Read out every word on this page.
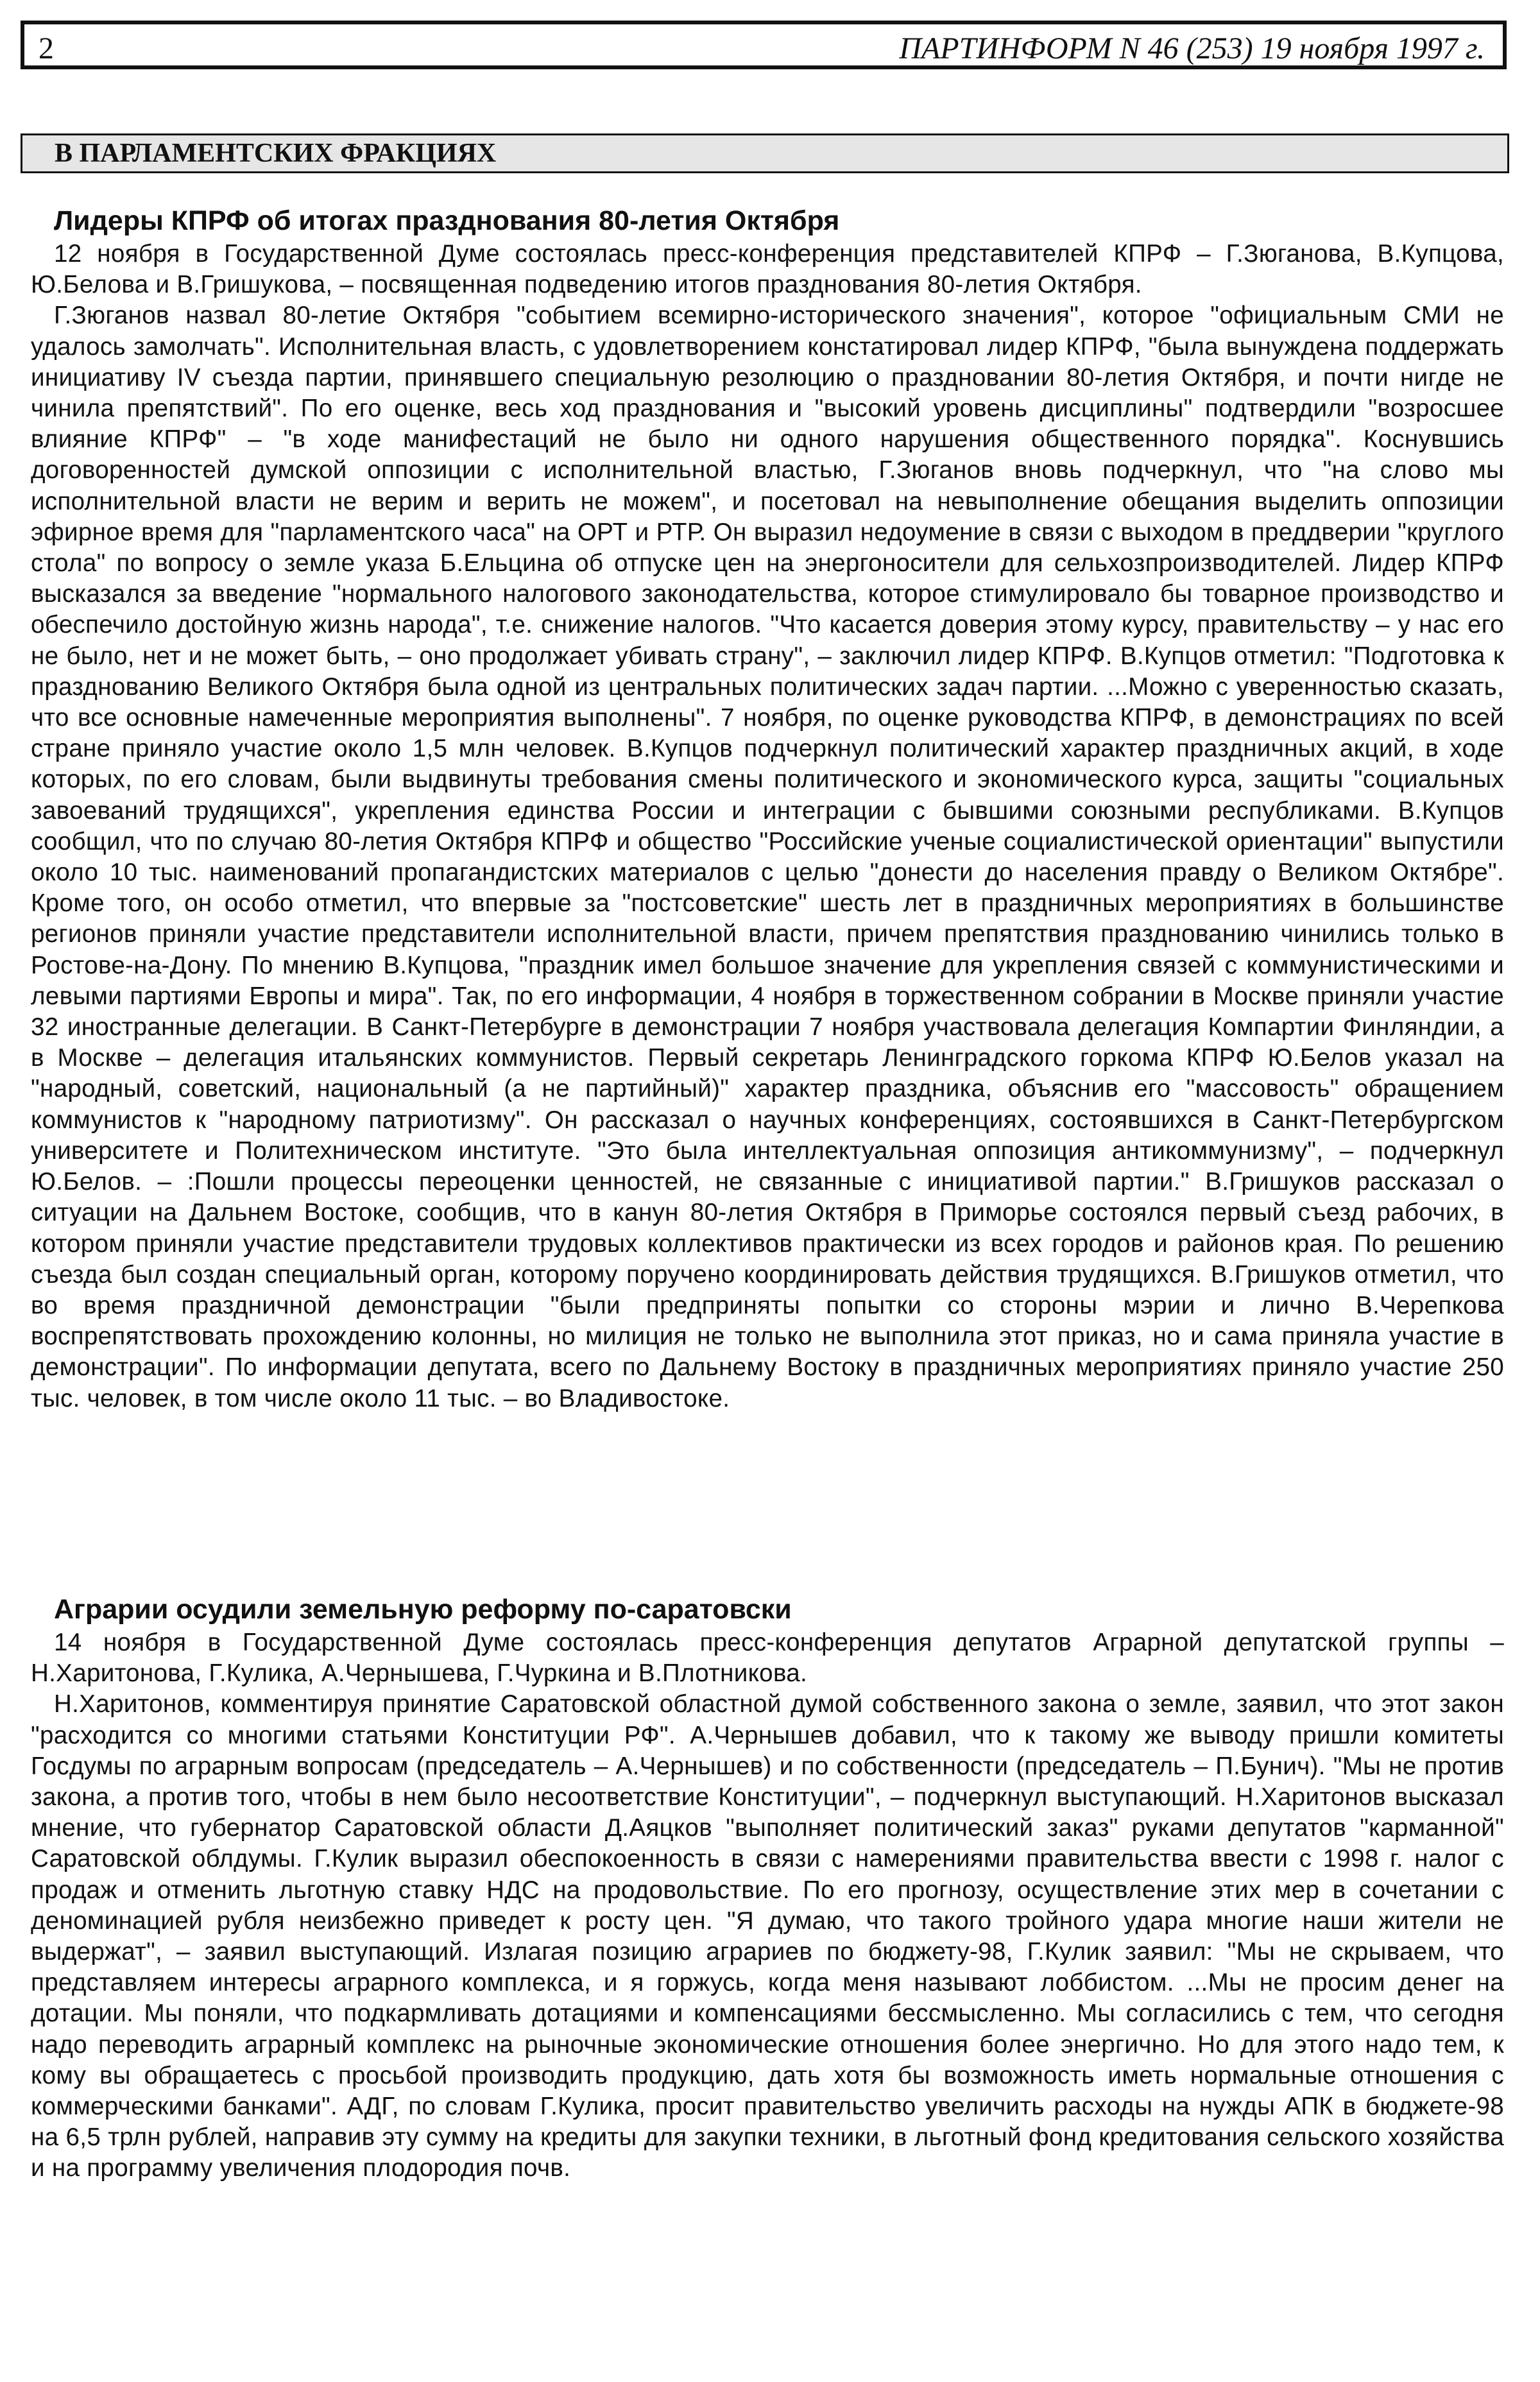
2	ПАРТИНФОРМ N 46 (253) 19 ноября 1997 г.
В ПАРЛАМЕНТСКИХ ФРАКЦИЯХ
Лидеры КПРФ об итогах празднования 80-летия Октября

12 ноября в Государственной Думе состоялась пресс-конференция представителей КПРФ – Г.Зюганова, В.Купцова, Ю.Белова и В.Гришукова, – посвященная подведению итогов празднования 80-летия Октября.

Г.Зюганов назвал 80-летие Октября "событием всемирно-исторического значения", которое "официальным СМИ не удалось замолчать". Исполнительная власть, с удовлетворением констатировал лидер КПРФ, "была вынуждена поддержать инициативу IV съезда партии, принявшего специальную резолюцию о праздновании 80-летия Октября, и почти нигде не чинила препятствий". По его оценке, весь ход празднования и "высокий уровень дисциплины" подтвердили "возросшее влияние КПРФ" – "в ходе манифестаций не было ни одного нарушения общественного порядка". Коснувшись договоренностей думской оппозиции с исполнительной властью, Г.Зюганов вновь подчеркнул, что "на слово мы исполнительной власти не верим и верить не можем", и посетовал на невыполнение обещания выделить оппозиции эфирное время для "парламентского часа" на ОРТ и РТР. Он выразил недоумение в связи с выходом в преддверии "круглого стола" по вопросу о земле указа Б.Ельцина об отпуске цен на энергоносители для сельхозпроизводителей. Лидер КПРФ высказался за введение "нормального налогового законодательства, которое стимулировало бы товарное производство и обеспечило достойную жизнь народа", т.е. снижение налогов. "Что касается доверия этому курсу, правительству – у нас его не было, нет и не может быть, – оно продолжает убивать страну", – заключил лидер КПРФ. В.Купцов отметил: "Подготовка к празднованию Великого Октября была одной из центральных политических задач партии. ...Можно с уверенностью сказать, что все основные намеченные мероприятия выполнены". 7 ноября, по оценке руководства КПРФ, в демонстрациях по всей стране приняло участие около 1,5 млн человек. В.Купцов подчеркнул политический характер праздничных акций, в ходе которых, по его словам, были выдвинуты требования смены политического и экономического курса, защиты "социальных завоеваний трудящихся", укрепления единства России и интеграции с бывшими союзными республиками. В.Купцов сообщил, что по случаю 80-летия Октября КПРФ и общество "Российские ученые социалистической ориентации" выпустили около 10 тыс. наименований пропагандистских материалов с целью "донести до населения правду о Великом Октябре". Кроме того, он особо отметил, что впервые за "постсоветские" шесть лет в праздничных мероприятиях в большинстве регионов приняли участие представители исполнительной власти, причем препятствия празднованию чинились только в Ростове-на-Дону. По мнению В.Купцова, "праздник имел большое значение для укрепления связей с коммунистическими и левыми партиями Европы и мира". Так, по его информации, 4 ноября в торжественном собрании в Москве приняли участие 32 иностранные делегации. В Санкт-Петербурге в демонстрации 7 ноября участвовала делегация Компартии Финляндии, а в Москве – делегация итальянских коммунистов. Первый секретарь Ленинградского горкома КПРФ Ю.Белов указал на "народный, советский, национальный (а не партийный)" характер праздника, объяснив его "массовость" обращением коммунистов к "народному патриотизму". Он рассказал о научных конференциях, состоявшихся в Санкт-Петербургском университете и Политехническом институте. "Это была интеллектуальная оппозиция антикоммунизму", – подчеркнул Ю.Белов. – :Пошли процессы переоценки ценностей, не связанные с инициативой партии." В.Гришуков рассказал о ситуации на Дальнем Востоке, сообщив, что в канун 80-летия Октября в Приморье состоялся первый съезд рабочих, в котором приняли участие представители трудовых коллективов практически из всех городов и районов края. По решению съезда был создан специальный орган, которому поручено координировать действия трудящихся. В.Гришуков отметил, что во время праздничной демонстрации "были предприняты попытки со стороны мэрии и лично В.Черепкова воспрепятствовать прохождению колонны, но милиция не только не выполнила этот приказ, но и сама приняла участие в демонстрации". По информации депутата, всего по Дальнему Востоку в праздничных мероприятиях приняло участие 250 тыс. человек, в том числе около 11 тыс. – во Владивостоке.

Аграрии осудили земельную реформу по-саратовски

14 ноября в Государственной Думе состоялась пресс-конференция депутатов Аграрной депутатской группы – Н.Харитонова, Г.Кулика, А.Чернышева, Г.Чуркина и В.Плотникова.

Н.Харитонов, комментируя принятие Саратовской областной думой собственного закона о земле, заявил, что этот закон "расходится со многими статьями Конституции РФ". А.Чернышев добавил, что к такому же выводу пришли комитеты Госдумы по аграрным вопросам (председатель – А.Чернышев) и по собственности (председатель – П.Бунич). "Мы не против закона, а против того, чтобы в нем было несоответствие Конституции", – подчеркнул выступающий. Н.Харитонов высказал мнение, что губернатор Саратовской области Д.Аяцков "выполняет политический заказ" руками депутатов "карманной" Саратовской облдумы. Г.Кулик выразил обеспокоенность в связи с намерениями правительства ввести с 1998 г. налог с продаж и отменить льготную ставку НДС на продовольствие. По его прогнозу, осуществление этих мер в сочетании с деноминацией рубля неизбежно приведет к росту цен. "Я думаю, что такого тройного удара многие наши жители не выдержат", – заявил выступающий. Излагая позицию аграриев по бюджету-98, Г.Кулик заявил: "Мы не скрываем, что представляем интересы аграрного комплекса, и я горжусь, когда меня называют лоббистом. ...Мы не просим денег на дотации. Мы поняли, что подкармливать дотациями и компенсациями бессмысленно. Мы согласились с тем, что сегодня надо переводить аграрный комплекс на рыночные экономические отношения более энергично. Но для этого надо тем, к кому вы обращаетесь с просьбой производить продукцию, дать хотя бы возможность иметь нормальные отношения с коммерческими банками". АДГ, по словам Г.Кулика, просит правительство увеличить расходы на нужды АПК в бюджете-98 на 6,5 трлн рублей, направив эту сумму на кредиты для закупки техники, в льготный фонд кредитования сельского хозяйства и на программу увеличения плодородия почв.
